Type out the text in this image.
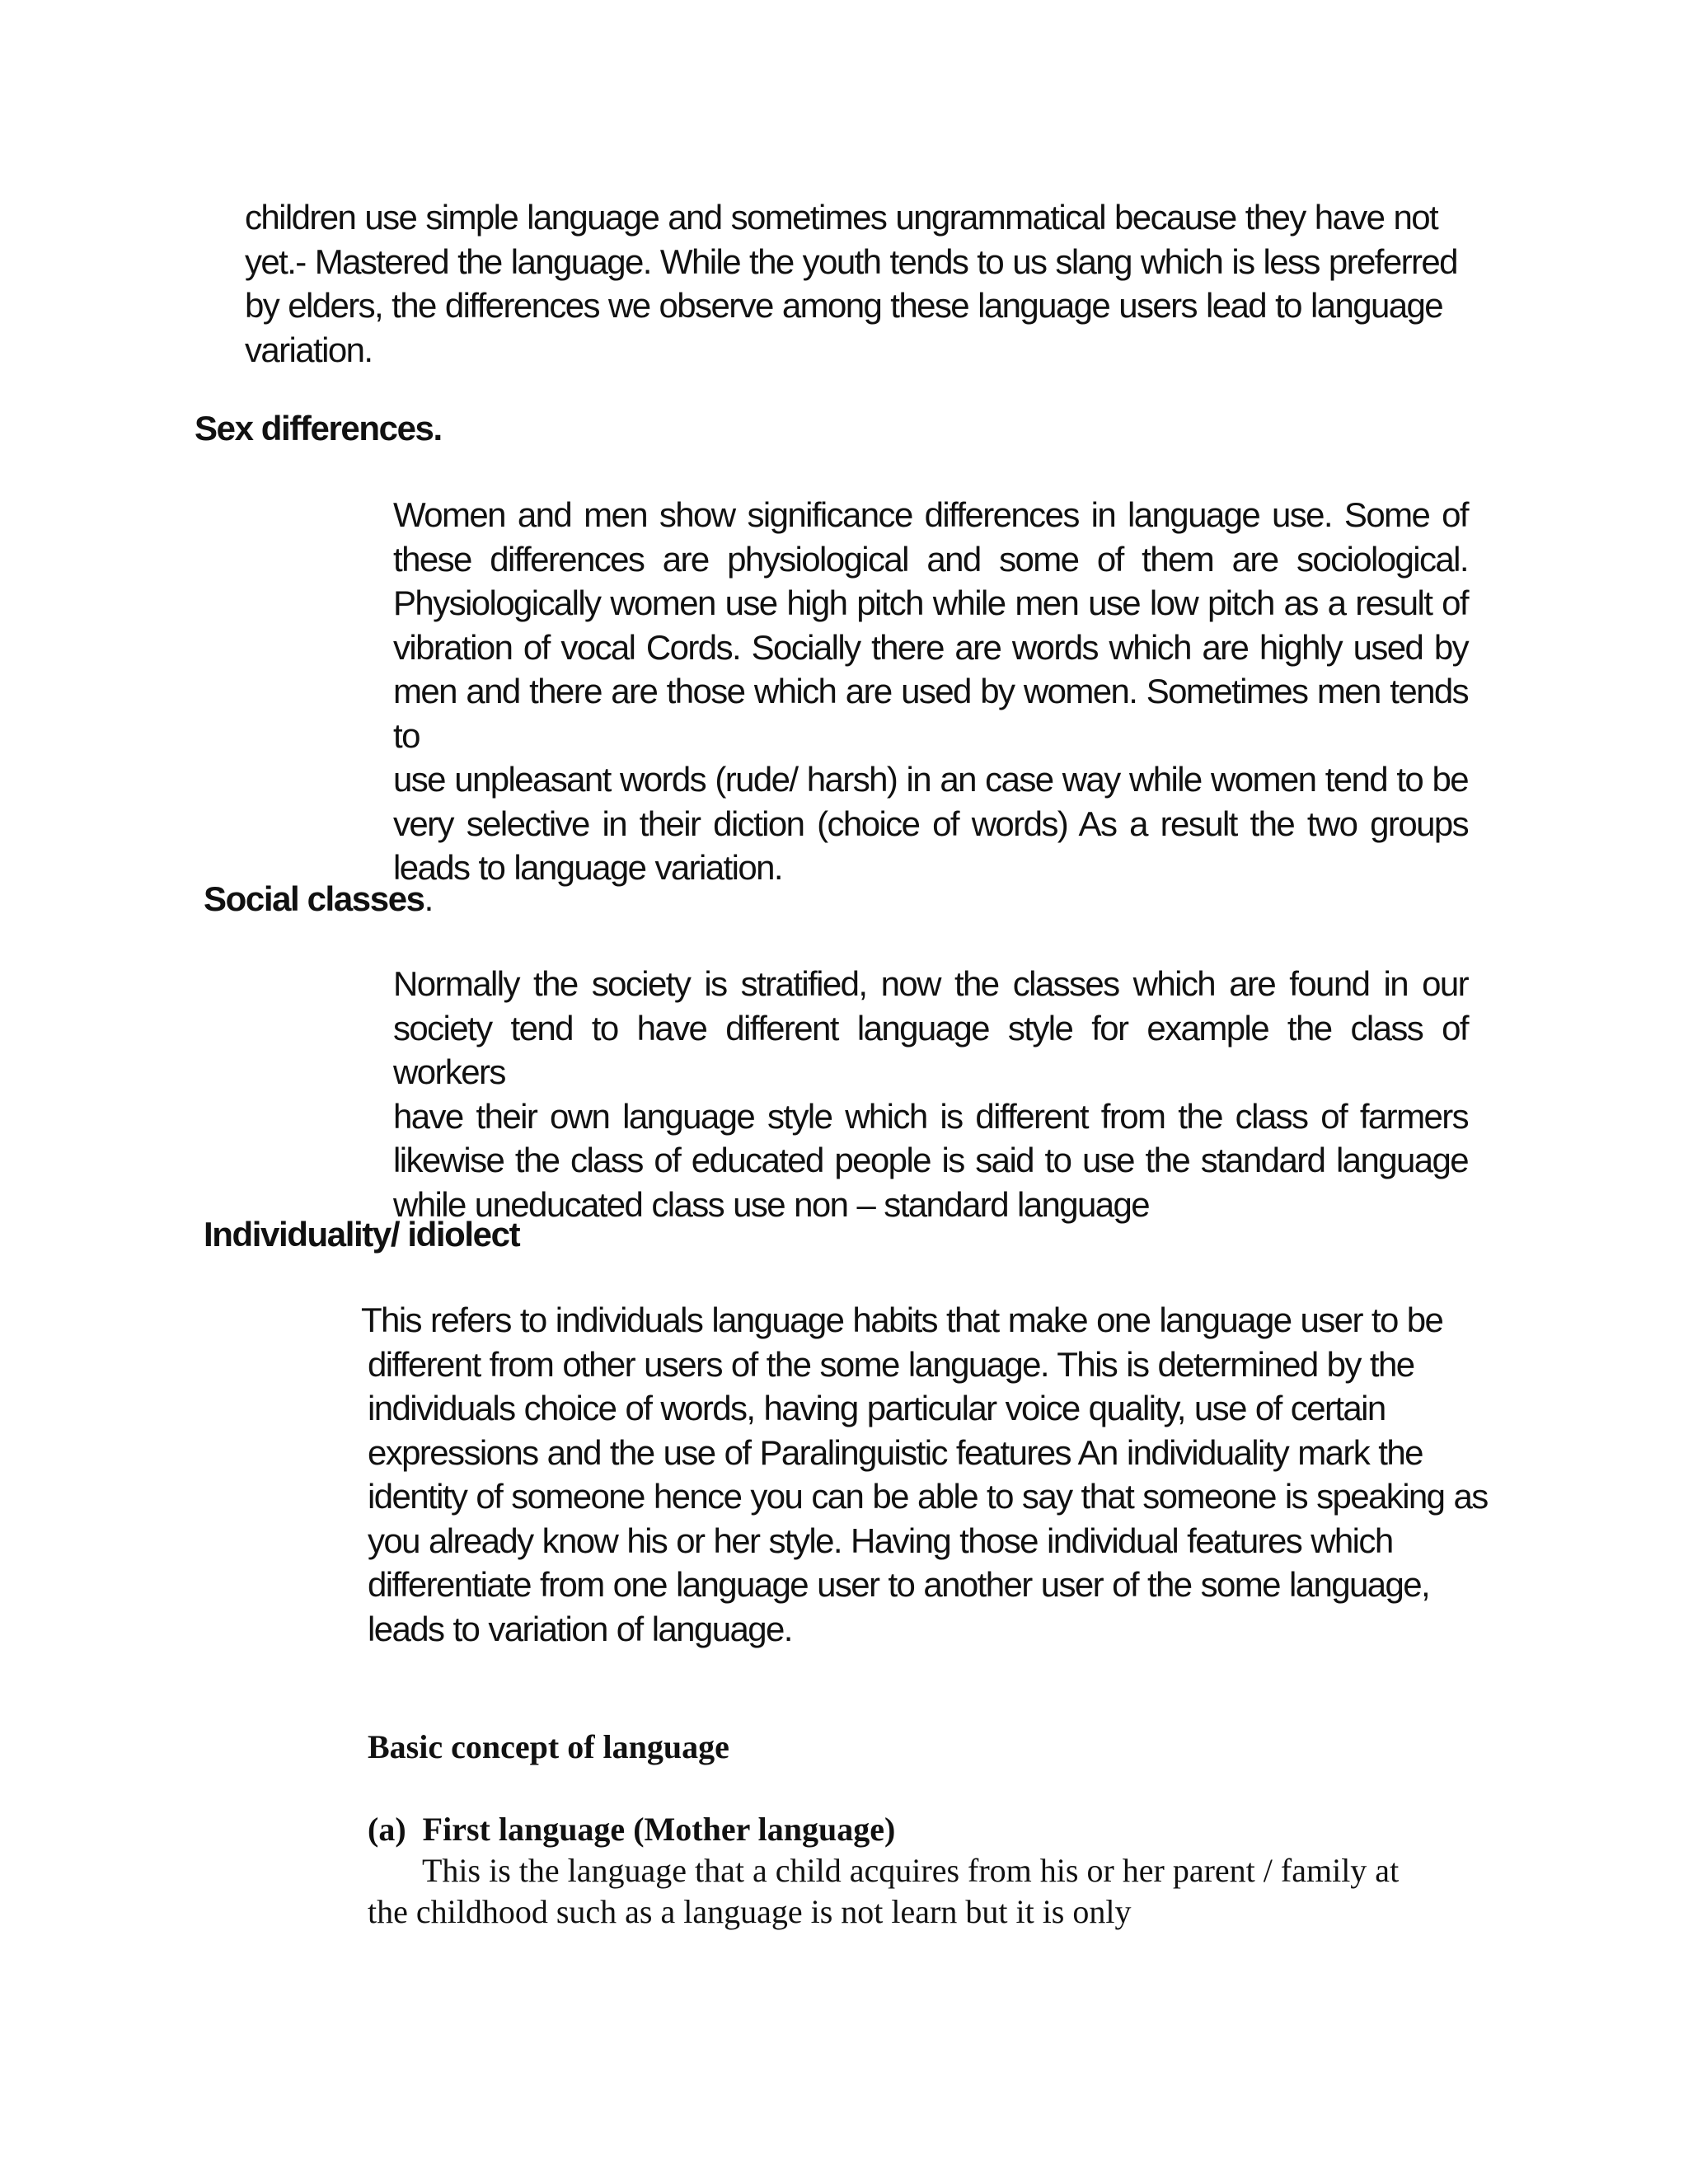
children use simple language and sometimes ungrammatical because they have not
yet.- Mastered the language. While the youth tends to us slang which is less preferred
by elders, the differences we observe among these language users lead to language
variation.
Sex differences.
Women and men show significance differences in language use. Some of
these differences are physiological and some of them are sociological.
Physiologically women use high pitch while men use low pitch as a result of
vibration of vocal Cords. Socially there are words which are highly used by
men and there are those which are used by women. Sometimes men tends to
use unpleasant words (rude/ harsh) in an case way while women tend to be
very selective in their diction (choice of words) As a result the two groups
leads to language variation.
Social classes.
Normally the society is stratified, now the classes which are found in our
society tend to have different language style for example the class of workers
have their own language style which is different from the class of farmers
likewise the class of educated people is said to use the standard language
while uneducated class use non – standard language
Individuality/ idiolect
This refers to individuals language habits that make one language user to be
different from other users of the some language. This is determined by the
individuals choice of words, having particular voice quality, use of certain
expressions and the use of Paralinguistic features An individuality mark the
identity of someone hence you can be able to say that someone is speaking as
you already know his or her style. Having those individual features which
differentiate from one language user to another user of the some language,
leads to variation of language.
Basic concept of language
(a)  First language (Mother language)
This is the language that a child acquires from his or her parent / family at
the childhood such as a language is not learn but it is only
